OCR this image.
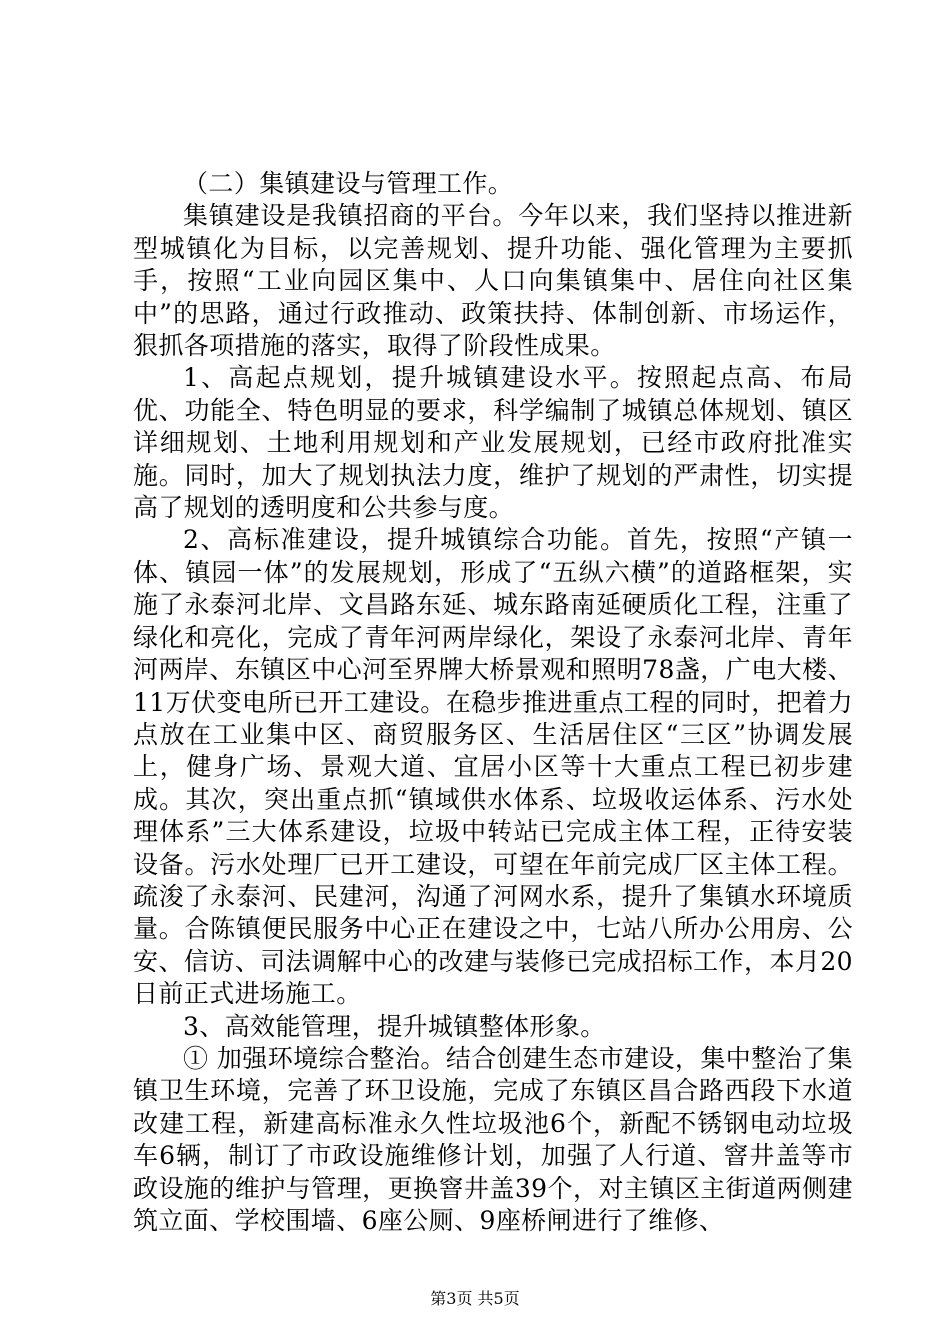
（二）集镇建设与管理工作。

集镇建设是我镇招商的平台。今年以来，我们坚持以推进新型城镇化为目标，以完善规划、提升功能、强化管理为主要抓手，按照“工业向园区集中、人口向集镇集中、居住向社区集中”的思路，通过行政推动、政策扶持、体制创新、市场运作，狠抓各项措施的落实，取得了阶段性成果。

1、高起点规划，提升城镇建设水平。按照起点高、布局优、功能全、特色明显的要求，科学编制了城镇总体规划、镇区详细规划、土地利用规划和产业发展规划，已经市政府批准实施。同时，加大了规划执法力度，维护了规划的严肃性，切实提高了规划的透明度和公共参与度。

2、高标准建设，提升城镇综合功能。首先，按照“产镇一体、镇园一体”的发展规划，形成了“五纵六横”的道路框架，实施了永泰河北岸、文昌路东延、城东路南延硬质化工程，注重了绿化和亮化，完成了青年河两岸绿化，架设了永泰河北岸、青年河两岸、东镇区中心河至界牌大桥景观和照明78盏，广电大楼、11万伏变电所已开工建设。在稳步推进重点工程的同时，把着力点放在工业集中区、商贸服务区、生活居住区“三区”协调发展上，健身广场、景观大道、宜居小区等十大重点工程已初步建成。其次，突出重点抓“镇域供水体系、垃圾收运体系、污水处理体系”三大体系建设，垃圾中转站已完成主体工程，正待安装设备。污水处理厂已开工建设，可望在年前完成厂区主体工程。疏浚了永泰河、民建河，沟通了河网水系，提升了集镇水环境质量。合陈镇便民服务中心正在建设之中，七站八所办公用房、公安、信访、司法调解中心的改建与装修已完成招标工作，本月20日前正式进场施工。

3、高效能管理，提升城镇整体形象。

① 加强环境综合整治。结合创建生态市建设，集中整治了集镇卫生环境，完善了环卫设施，完成了东镇区昌合路西段下水道改建工程，新建高标准永久性垃圾池6个，新配不锈钢电动垃圾车6辆，制订了市政设施维修计划，加强了人行道、窨井盖等市政设施的维护与管理，更换窨井盖39个，对主镇区主街道两侧建筑立面、学校围墙、6座公厕、9座桥闸进行了维修、

第3页 共5页
